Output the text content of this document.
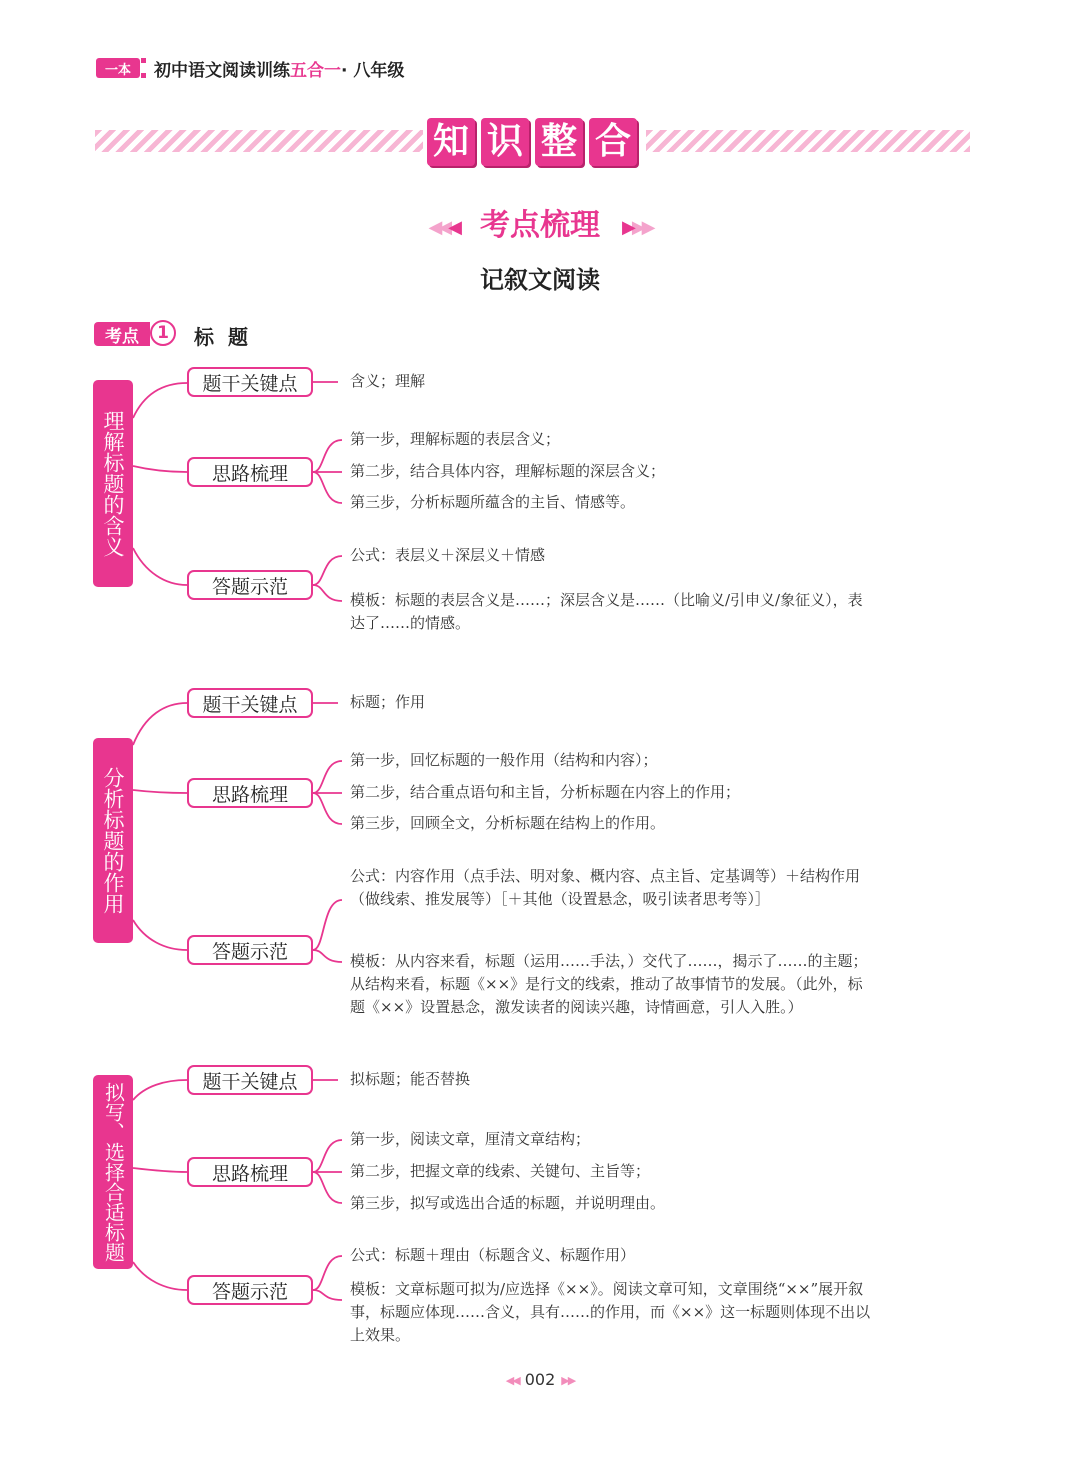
一本	初中语文阅读训练五合一· 八年级
知 识 整 合
◀◀◀ 考点梳理 ▶▶▶
记叙文阅读
考点	1	标题
理解标题的含义
题干关键点	含义；理解
思路梳理
第一步，理解标题的表层含义；
第二步，结合具体内容，理解标题的深层含义；
第三步，分析标题所蕴含的主旨、情感等。
答题示范
公式：表层义＋深层义＋情感
模板：标题的表层含义是……；深层含义是……（比喻义/引申义/象征义），表达了……的情感。
分析标题的作用
题干关键点	标题；作用
思路梳理
第一步，回忆标题的一般作用（结构和内容）；
第二步，结合重点语句和主旨，分析标题在内容上的作用；
第三步，回顾全文，分析标题在结构上的作用。
答题示范
公式：内容作用（点手法、明对象、概内容、点主旨、定基调等）＋结构作用（做线索、推发展等）［＋其他（设置悬念，吸引读者思考等）］
模板：从内容来看，标题（运用……手法，）交代了……，揭示了……的主题；从结构来看，标题《××》是行文的线索，推动了故事情节的发展。（此外，标题《××》设置悬念，激发读者的阅读兴趣，诗情画意，引人入胜。）
拟写、选择合适标题
题干关键点	拟标题；能否替换
思路梳理
第一步，阅读文章，厘清文章结构；
第二步，把握文章的线索、关键句、主旨等；
第三步，拟写或选出合适的标题，并说明理由。
答题示范
公式：标题＋理由（标题含义、标题作用）
模板：文章标题可拟为/应选择《××》。阅读文章可知，文章围绕“××”展开叙事，标题应体现……含义，具有……的作用，而《××》这一标题则体现不出以上效果。
◀◀ 002 ▶▶
